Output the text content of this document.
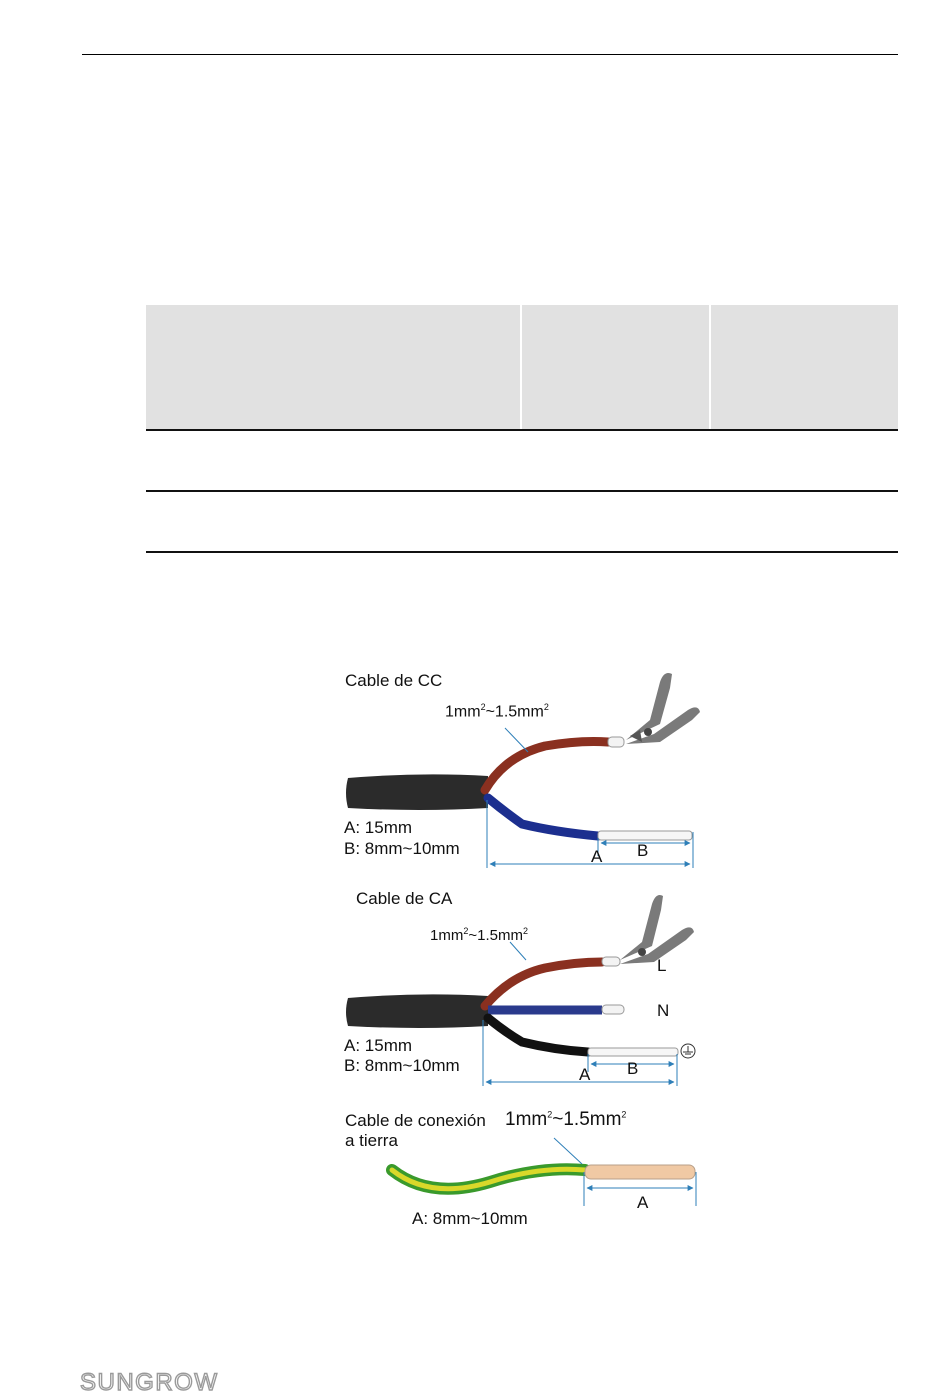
Cable de CC
$1mm^2\sim 1.5mm^2$
A: 15mm
B: 8mm~10mm	A B
Cable de CA
$1mm^2\sim 1.5mm^2$
L
N
A: 15mm
B: 8mm~10mm	A B
Cable de conexión
a tierra
$1mm^2\sim 1.5mm^2$
A
A: 8mm~10mm
SUNGROW
